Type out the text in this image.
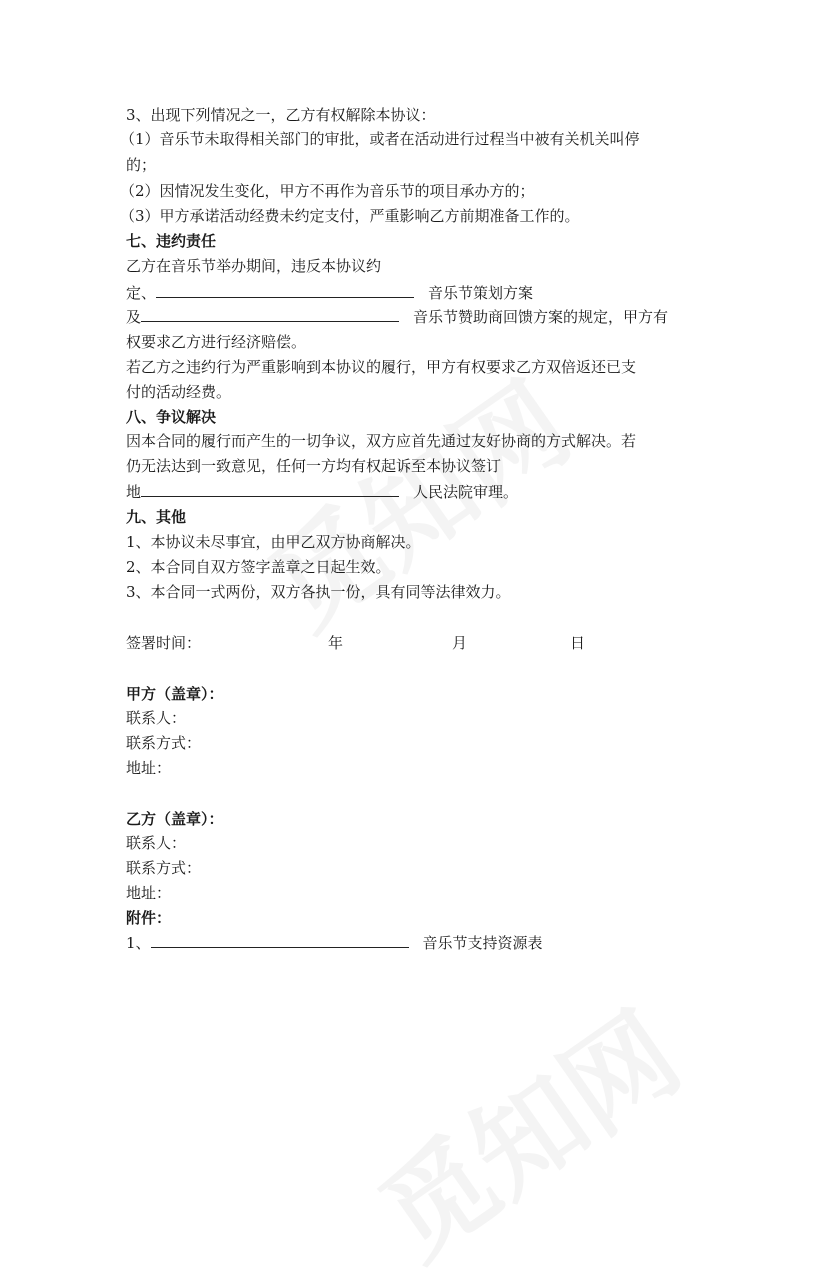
3、出现下列情况之一，乙方有权解除本协议：
（1）音乐节未取得相关部门的审批，或者在活动进行过程当中被有关机关叫停
的；
（2）因情况发生变化，甲方不再作为音乐节的项目承办方的；
（3）甲方承诺活动经费未约定支付，严重影响乙方前期准备工作的。
七、违约责任
乙方在音乐节举办期间，违反本协议约
定、	音乐节策划方案
及	音乐节赞助商回馈方案的规定，甲方有
权要求乙方进行经济赔偿。
若乙方之违约行为严重影响到本协议的履行，甲方有权要求乙方双倍返还已支
付的活动经费。
八、争议解决
因本合同的履行而产生的一切争议，双方应首先通过友好协商的方式解决。若
仍无法达到一致意见，任何一方均有权起诉至本协议签订
地	人民法院审理。
九、其他
1、本协议未尽事宜，由甲乙双方协商解决。
2、本合同自双方签字盖章之日起生效。
3、本合同一式两份，双方各执一份，具有同等法律效力。
签署时间：	年	月	日
甲方（盖章）：
联系人：
联系方式：
地址：
乙方（盖章）：
联系人：
联系方式：
地址：
附件：
1、	音乐节支持资源表
